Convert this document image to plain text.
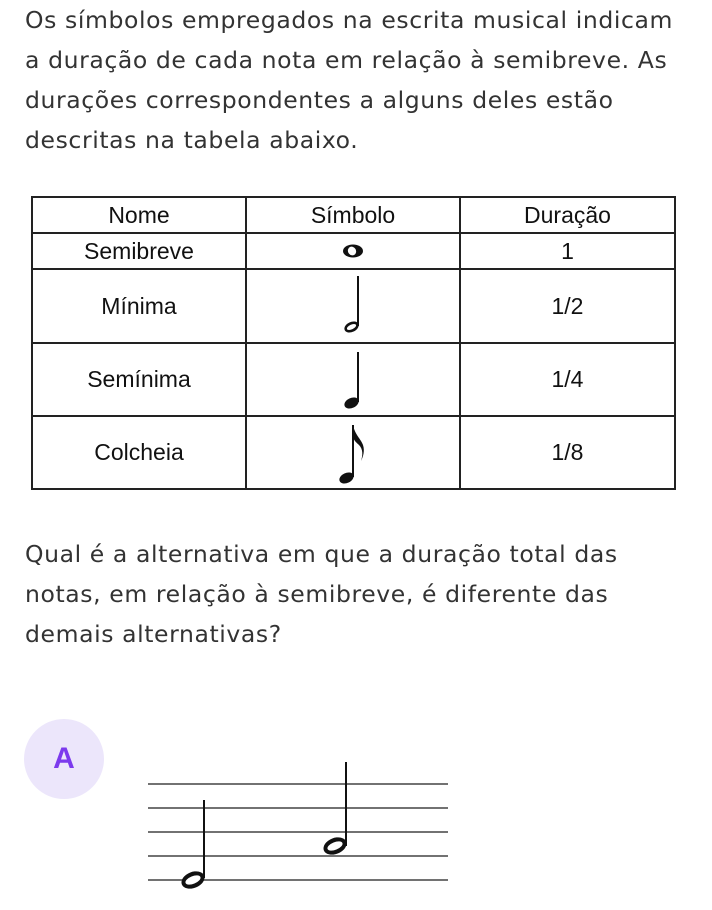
Os símbolos empregados na escrita musical indicam a duração de cada nota em relação à semibreve. As durações correspondentes a alguns deles estão descritas na tabela abaixo.

Nome	Símbolo	Duração
Semibreve		1
Mínima		1/2
Semínima		1/4
Colcheia		1/8

Qual é a alternativa em que a duração total das notas, em relação à semibreve, é diferente das demais alternativas?

A
